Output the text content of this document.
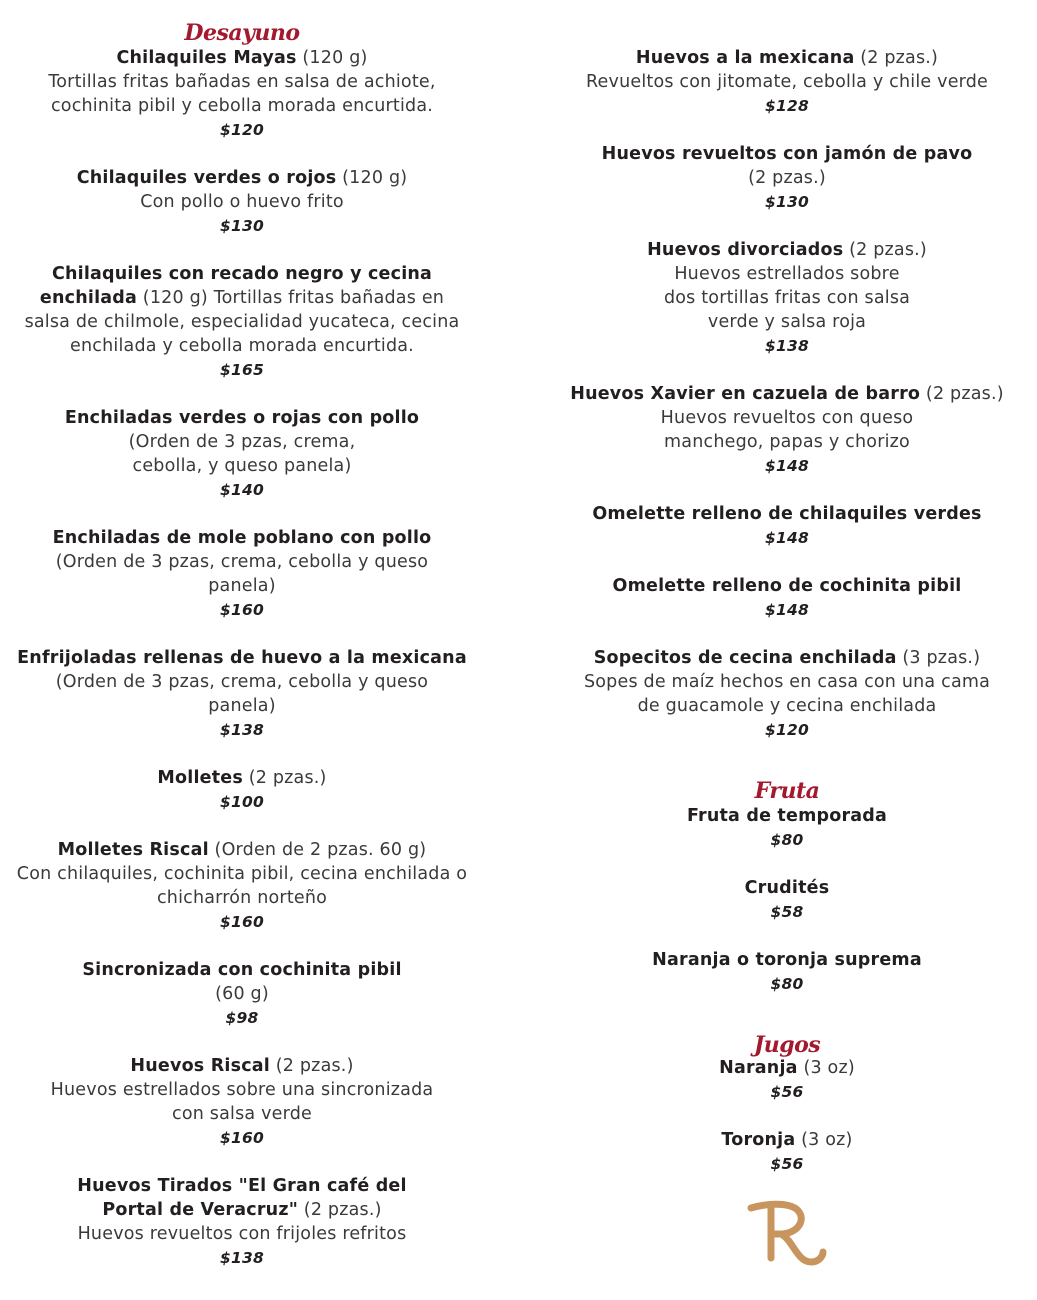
Desayuno

Chilaquiles Mayas (120 g)

Tortillas fritas bañadas en salsa de achiote, cochinita pibil y cebolla morada encurtida.

$120

Chilaquiles verdes o rojos (120 g)

Con pollo o huevo frito

$130

Chilaquiles con recado negro y cecina enchilada (120 g) Tortillas fritas bañadas en salsa de chilmole, especialidad yucateca, cecina enchilada y cebolla morada encurtida.

$165

Enchiladas verdes o rojas con pollo

(Orden de 3 pzas, crema, cebolla, y queso panela)

$140

Enchiladas de mole poblano con pollo

(Orden de 3 pzas, crema, cebolla y queso panela)

$160

Enfrijoladas rellenas de huevo a la mexicana

(Orden de 3 pzas, crema, cebolla y queso panela)

$138

Molletes (2 pzas.)

$100

Molletes Riscal (Orden de 2 pzas. 60 g)

Con chilaquiles, cochinita pibil, cecina enchilada o chicharrón norteño

$160

Sincronizada con cochinita pibil

(60 g)

$98

Huevos Riscal (2 pzas.)

Huevos estrellados sobre una sincronizada con salsa verde

$160

Huevos Tirados "El Gran café del Portal de Veracruz" (2 pzas.)

Huevos revueltos con frijoles refritos

$138

Huevos a la mexicana (2 pzas.)

Revueltos con jitomate, cebolla y chile verde

$128

Huevos revueltos con jamón de pavo

(2 pzas.)

$130

Huevos divorciados (2 pzas.)

Huevos estrellados sobre dos tortillas fritas con salsa verde y salsa roja

$138

Huevos Xavier en cazuela de barro (2 pzas.)

Huevos revueltos con queso manchego, papas y chorizo

$148

Omelette relleno de chilaquiles verdes

$148

Omelette relleno de cochinita pibil

$148

Sopecitos de cecina enchilada (3 pzas.)

Sopes de maíz hechos en casa con una cama de guacamole y cecina enchilada

$120

Fruta

Fruta de temporada

$80

Crudités

$58

Naranja o toronja suprema

$80

Jugos

Naranja (3 oz)

$56

Toronja (3 oz)

$56
